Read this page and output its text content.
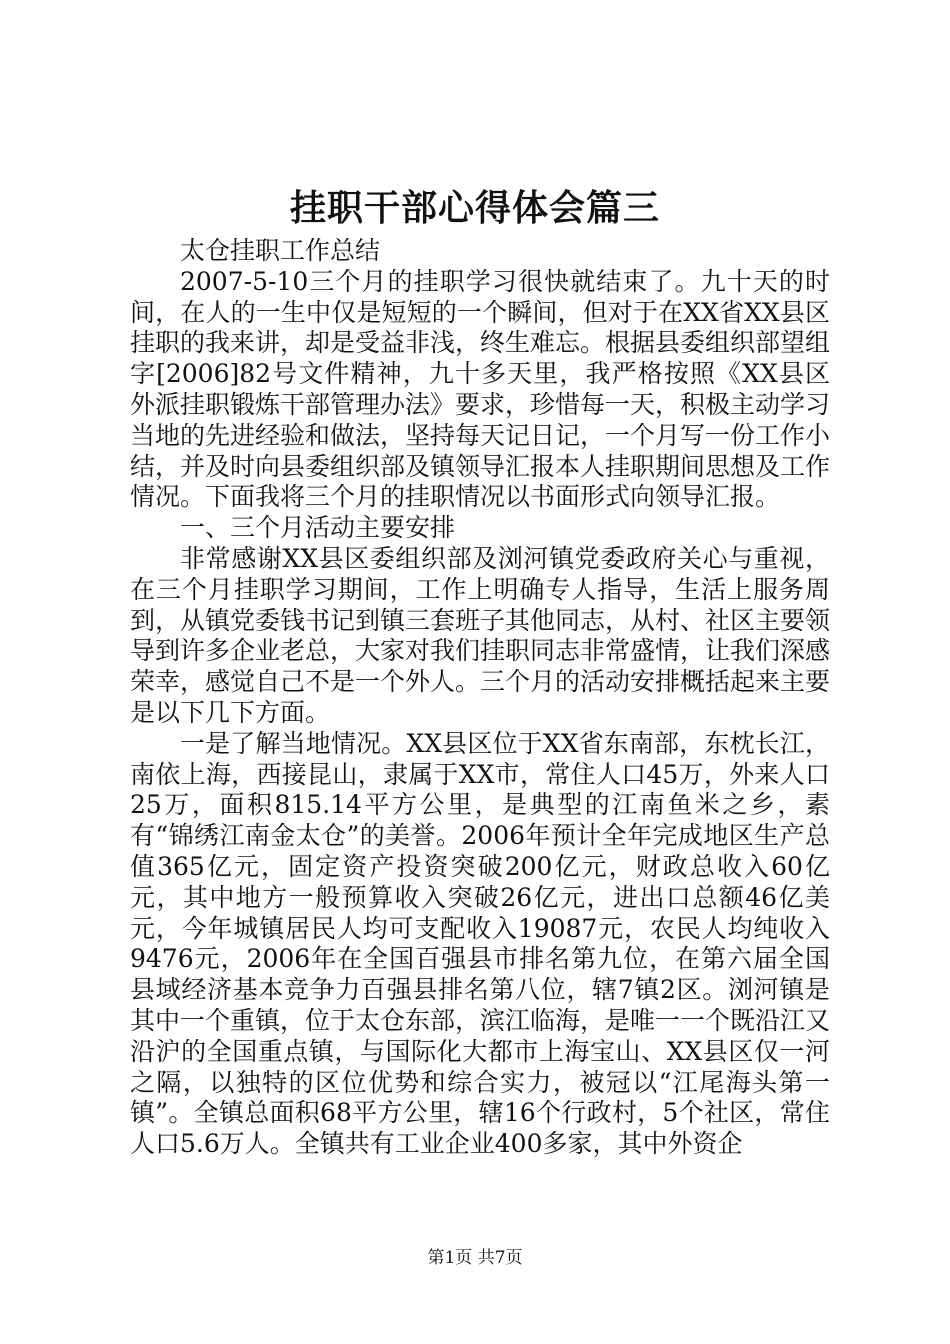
挂职干部心得体会篇三

太仓挂职工作总结

2007-5-10三个月的挂职学习很快就结束了。九十天的时间，在人的一生中仅是短短的一个瞬间，但对于在XX省XX县区挂职的我来讲，却是受益非浅，终生难忘。根据县委组织部望组字[2006]82号文件精神，九十多天里，我严格按照《XX县区外派挂职锻炼干部管理办法》要求，珍惜每一天，积极主动学习当地的先进经验和做法，坚持每天记日记，一个月写一份工作小结，并及时向县委组织部及镇领导汇报本人挂职期间思想及工作情况。下面我将三个月的挂职情况以书面形式向领导汇报。

一、三个月活动主要安排

非常感谢XX县区委组织部及浏河镇党委政府关心与重视，在三个月挂职学习期间，工作上明确专人指导，生活上服务周到，从镇党委钱书记到镇三套班子其他同志，从村、社区主要领导到许多企业老总，大家对我们挂职同志非常盛情，让我们深感荣幸，感觉自己不是一个外人。三个月的活动安排概括起来主要是以下几下方面。

一是了解当地情况。XX县区位于XX省东南部，东枕长江，南依上海，西接昆山，隶属于XX市，常住人口45万，外来人口25万，面积815.14平方公里，是典型的江南鱼米之乡，素有“锦绣江南金太仓”的美誉。2006年预计全年完成地区生产总值365亿元，固定资产投资突破200亿元，财政总收入60亿元，其中地方一般预算收入突破26亿元，进出口总额46亿美元，今年城镇居民人均可支配收入19087元，农民人均纯收入9476元，2006年在全国百强县市排名第九位，在第六届全国县域经济基本竞争力百强县排名第八位，辖7镇2区。浏河镇是其中一个重镇，位于太仓东部，滨江临海，是唯一一个既沿江又沿沪的全国重点镇，与国际化大都市上海宝山、XX县区仅一河之隔，以独特的区位优势和综合实力，被冠以“江尾海头第一镇”。全镇总面积68平方公里，辖16个行政村，5个社区，常住人口5.6万人。全镇共有工业企业400多家，其中外资企

第1页 共7页
